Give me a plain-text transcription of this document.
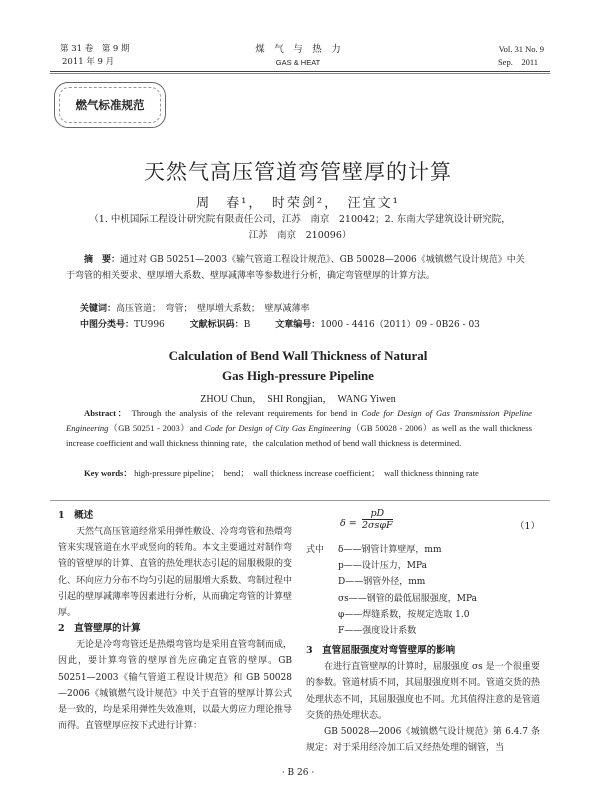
第 31 卷　第 9 期
2011 年 9 月
煤　气　与　热　力
GAS & HEAT
Vol. 31 No. 9
Sep.　2011
燃气标准规范
天然气高压管道弯管壁厚的计算
周　春¹，　时荣剑²，　汪宜文¹
（1. 中机国际工程设计研究院有限责任公司，江苏　南京　210042；2. 东南大学建筑设计研究院，
江苏　南京　210096）
摘　要：通过对 GB 50251—2003《输气管道工程设计规范》、GB 50028—2006《城镇燃气设计规范》中关于弯管的相关要求、壁厚增大系数、壁厚减薄率等参数进行分析，确定弯管壁厚的计算方法。
关键词：高压管道；　弯管；　壁厚增大系数；　壁厚减薄率
中图分类号：TU996	文献标识码：B	文章编号：1000 - 4416（2011）09 - 0B26 - 03
Calculation of Bend Wall Thickness of Natural
Gas High-pressure Pipeline
ZHOU Chun，　SHI Rongjian，　WANG Yiwen
Abstract： Through the analysis of the relevant requirements for bend in Code for Design of Gas Transmission Pipeline Engineering（GB 50251 - 2003）and Code for Design of City Gas Engineering（GB 50028 - 2006）as well as the wall thickness increase coefficient and wall thickness thinning rate，the calculation method of bend wall thickness is determined.
Key words： high-pressure pipeline；　bend；　wall thickness increase coefficient；　wall thickness thinning rate
1　概述
天然气高压管道经常采用弹性敷设、冷弯弯管和热煨弯管来实现管道在水平或竖向的转角。本文主要通过对制作弯管的管壁厚的计算、直管的热处理状态引起的屈服极限的变化、环向应力分布不均匀引起的屈服增大系数、弯制过程中引起的壁厚减薄率等因素进行分析，从而确定弯管的计算壁厚。
2　直管壁厚的计算
无论是冷弯弯管还是热煨弯管均是采用直管弯制而成，因此，要计算弯管的壁厚首先应确定直管的壁厚。GB 50251—2003《输气管道工程设计规范》和 GB 50028—2006《城镇燃气设计规范》中关于直管的壁厚计算公式是一致的，均是采用弹性失效准则，以最大剪应力理论推导而得。直管壁厚应按下式进行计算：
δ =
pD
2σsφF	（1）
式中	δ——钢管计算壁厚，mm
p——设计压力，MPa
D——钢管外径，mm
σs——钢管的最低屈服强度，MPa
φ——焊缝系数，按规定选取 1.0
F——强度设计系数
3　直管屈服强度对弯管壁厚的影响
在进行直管壁厚的计算时，屈服强度 σs 是一个很重要的参数。管道材质不同，其屈服强度则不同。管道交货的热处理状态不同，其屈服强度也不同。尤其值得注意的是管道交货的热处理状态。
GB 50028—2006《城镇燃气设计规范》第 6.4.7 条规定：对于采用经冷加工后又经热处理的钢管，当
· B 26 ·
